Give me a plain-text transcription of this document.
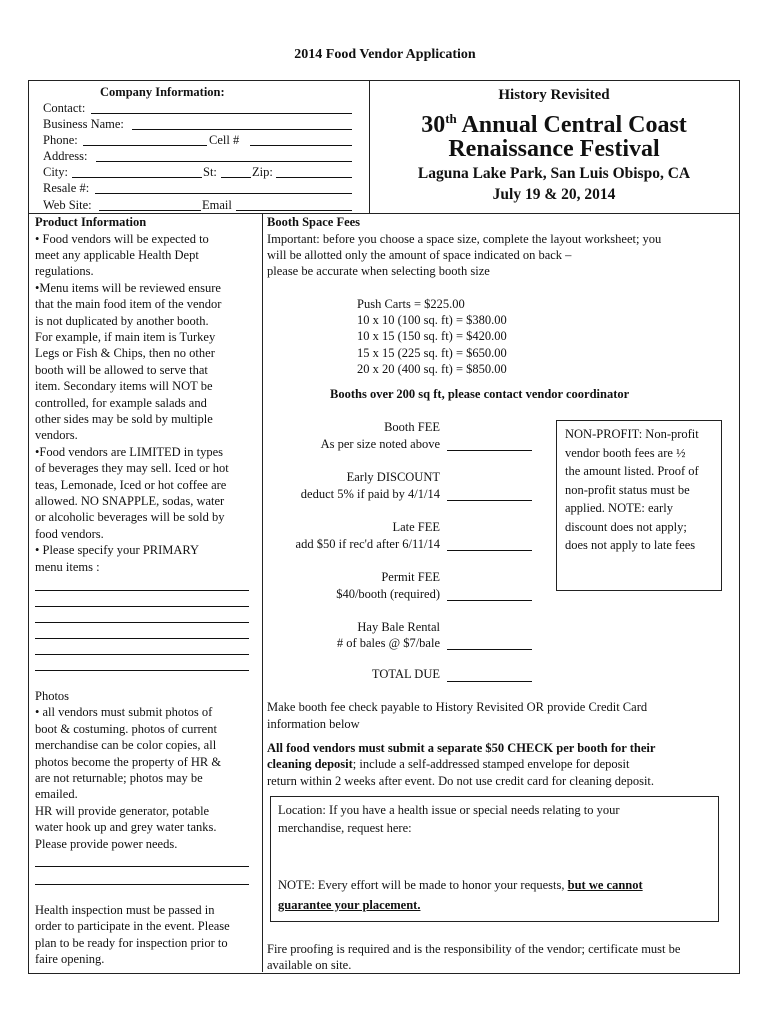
2014 Food Vendor Application
Company Information:
Contact:
Business Name:
Phone:	Cell #
Address:
City:	St:	Zip:
Resale #:
Web Site:	Email
History Revisited
30th Annual Central Coast
Renaissance Festival
Laguna Lake Park, San Luis Obispo, CA
July 19 & 20, 2014
Product Information
• Food vendors will be expected to
meet any applicable Health Dept
regulations.
•Menu items will be reviewed ensure
that the main food item of the vendor
is not duplicated by another booth.
For example, if main item is Turkey
Legs or Fish & Chips, then no other
booth will be allowed to serve that
item. Secondary items will NOT be
controlled, for example salads and
other sides may be sold by multiple
vendors.
•Food vendors are LIMITED in types
of beverages they may sell. Iced or hot
teas, Lemonade, Iced or hot coffee are
allowed. NO SNAPPLE, sodas, water
or alcoholic beverages will be sold by
food vendors.
• Please specify your PRIMARY
menu items :
Photos
• all vendors must submit photos of
boot & costuming. photos of current
merchandise can be color copies, all
photos become the property of HR &
are not returnable; photos may be
emailed.
HR will provide generator, potable
water hook up and grey water tanks.
Please provide power needs.
Health inspection must be passed in
order to participate in the event. Please
plan to be ready for inspection prior to
faire opening.
Booth Space Fees
Important: before you choose a space size, complete the layout worksheet; you
will be allotted only the amount of space indicated on back –
please be accurate when selecting booth size
Push Carts = $225.00
10 x 10 (100 sq. ft) = $380.00
10 x 15 (150 sq. ft) = $420.00
15 x 15 (225 sq. ft) = $650.00
20 x 20 (400 sq. ft) = $850.00
Booths over 200 sq ft, please contact vendor coordinator
Booth FEE
As per size noted above
Early DISCOUNT
deduct 5% if paid by 4/1/14
Late FEE
add $50 if rec'd after 6/11/14
Permit FEE
$40/booth (required)
Hay Bale Rental
# of bales @ $7/bale
TOTAL DUE
NON-PROFIT: Non-profit
vendor booth fees are ½
the amount listed. Proof of
non-profit status must be
applied. NOTE: early
discount does not apply;
does not apply to late fees
Make booth fee check payable to History Revisited OR provide Credit Card
information below
All food vendors must submit a separate $50 CHECK per booth for their
cleaning deposit; include a self-addressed stamped envelope for deposit
return within 2 weeks after event. Do not use credit card for cleaning deposit.
Location: If you have a health issue or special needs relating to your
merchandise, request here:
NOTE: Every effort will be made to honor your requests, but we cannot
guarantee your placement.
Fire proofing is required and is the responsibility of the vendor; certificate must be
available on site.
